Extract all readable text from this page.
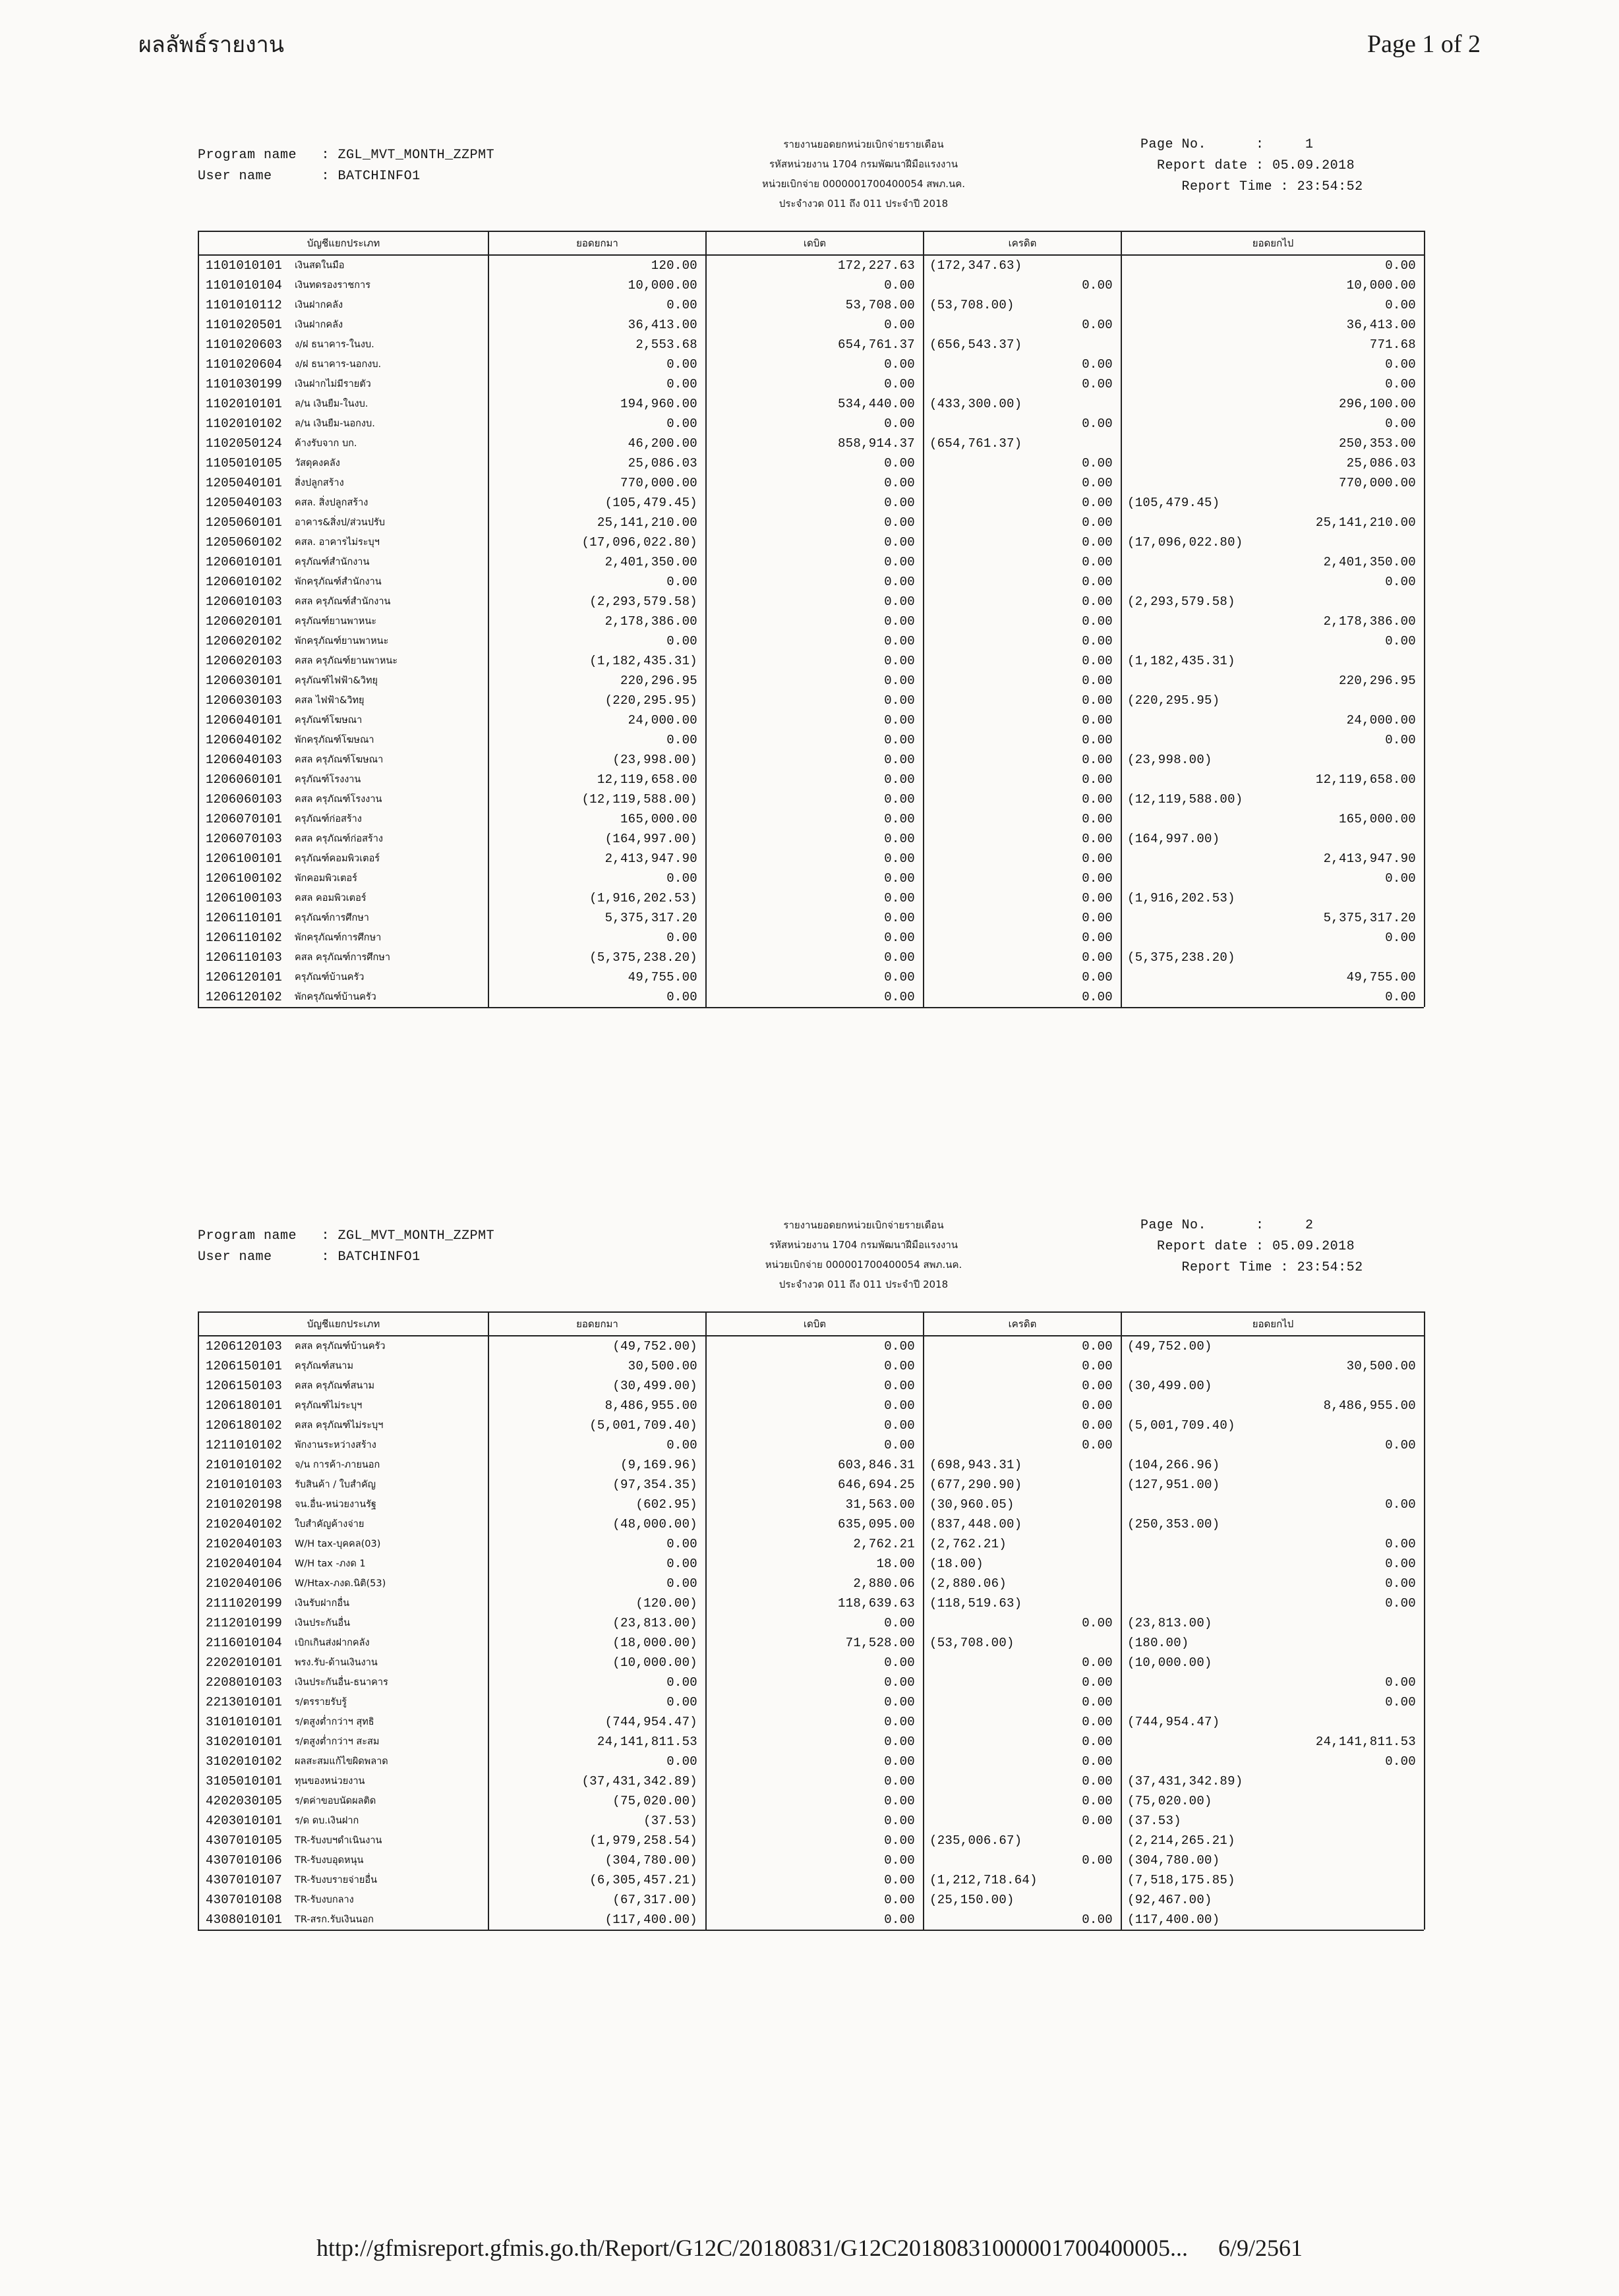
ผลลัพธ์รายงาน	Page 1 of 2
Program name   : ZGL_MVT_MONTH_ZZPMT
User name      : BATCHINFO1
รายงานยอดยกหน่วยเบิกจ่ายรายเดือน
รหัสหน่วยงาน 1704 กรมพัฒนาฝีมือแรงงาน
หน่วยเบิกจ่าย 0000001700400054 สพภ.นค.
ประจำงวด 011 ถึง 011 ประจำปี 2018
Page No.      :     1
Report date : 05.09.2018
Report Time : 23:54:52
บัญชีแยกประเภท		ยอดยกมา	เดบิต	เครดิต	ยอดยกไป
1101010101	เงินสดในมือ	120.00	172,227.63	(172,347.63)	0.00
1101010104	เงินทดรองราชการ	10,000.00	0.00	0.00	10,000.00
1101010112	เงินฝากคลัง	0.00	53,708.00	(53,708.00)	0.00
1101020501	เงินฝากคลัง	36,413.00	0.00	0.00	36,413.00
1101020603	ง/ฝ ธนาคาร-ในงบ.	2,553.68	654,761.37	(656,543.37)	771.68
1101020604	ง/ฝ ธนาคาร-นอกงบ.	0.00	0.00	0.00	0.00
1101030199	เงินฝากไม่มีรายตัว	0.00	0.00	0.00	0.00
1102010101	ล/น เงินยืม-ในงบ.	194,960.00	534,440.00	(433,300.00)	296,100.00
1102010102	ล/น เงินยืม-นอกงบ.	0.00	0.00	0.00	0.00
1102050124	ค้างรับจาก บก.	46,200.00	858,914.37	(654,761.37)	250,353.00
1105010105	วัสดุคงคลัง	25,086.03	0.00	0.00	25,086.03
1205040101	สิ่งปลูกสร้าง	770,000.00	0.00	0.00	770,000.00
1205040103	คสล. สิ่งปลูกสร้าง	(105,479.45)	0.00	0.00	(105,479.45)
1205060101	อาคาร&สิ่งป/ส่วนปรับ	25,141,210.00	0.00	0.00	25,141,210.00
1205060102	คสล. อาคารไม่ระบุฯ	(17,096,022.80)	0.00	0.00	(17,096,022.80)
1206010101	ครุภัณฑ์สำนักงาน	2,401,350.00	0.00	0.00	2,401,350.00
1206010102	พักครุภัณฑ์สำนักงาน	0.00	0.00	0.00	0.00
1206010103	คสล ครุภัณฑ์สำนักงาน	(2,293,579.58)	0.00	0.00	(2,293,579.58)
1206020101	ครุภัณฑ์ยานพาหนะ	2,178,386.00	0.00	0.00	2,178,386.00
1206020102	พักครุภัณฑ์ยานพาหนะ	0.00	0.00	0.00	0.00
1206020103	คสล ครุภัณฑ์ยานพาหนะ	(1,182,435.31)	0.00	0.00	(1,182,435.31)
1206030101	ครุภัณฑ์ไฟฟ้า&วิทยุ	220,296.95	0.00	0.00	220,296.95
1206030103	คสล ไฟฟ้า&วิทยุ	(220,295.95)	0.00	0.00	(220,295.95)
1206040101	ครุภัณฑ์โฆษณา	24,000.00	0.00	0.00	24,000.00
1206040102	พักครุภัณฑ์โฆษณา	0.00	0.00	0.00	0.00
1206040103	คสล ครุภัณฑ์โฆษณา	(23,998.00)	0.00	0.00	(23,998.00)
1206060101	ครุภัณฑ์โรงงาน	12,119,658.00	0.00	0.00	12,119,658.00
1206060103	คสล ครุภัณฑ์โรงงาน	(12,119,588.00)	0.00	0.00	(12,119,588.00)
1206070101	ครุภัณฑ์ก่อสร้าง	165,000.00	0.00	0.00	165,000.00
1206070103	คสล ครุภัณฑ์ก่อสร้าง	(164,997.00)	0.00	0.00	(164,997.00)
1206100101	ครุภัณฑ์คอมพิวเตอร์	2,413,947.90	0.00	0.00	2,413,947.90
1206100102	พักคอมพิวเตอร์	0.00	0.00	0.00	0.00
1206100103	คสล คอมพิวเตอร์	(1,916,202.53)	0.00	0.00	(1,916,202.53)
1206110101	ครุภัณฑ์การศึกษา	5,375,317.20	0.00	0.00	5,375,317.20
1206110102	พักครุภัณฑ์การศึกษา	0.00	0.00	0.00	0.00
1206110103	คสล ครุภัณฑ์การศึกษา	(5,375,238.20)	0.00	0.00	(5,375,238.20)
1206120101	ครุภัณฑ์บ้านครัว	49,755.00	0.00	0.00	49,755.00
1206120102	พักครุภัณฑ์บ้านครัว	0.00	0.00	0.00	0.00
Program name   : ZGL_MVT_MONTH_ZZPMT
User name      : BATCHINFO1
รายงานยอดยกหน่วยเบิกจ่ายรายเดือน
รหัสหน่วยงาน 1704 กรมพัฒนาฝีมือแรงงาน
หน่วยเบิกจ่าย 000001700400054 สพภ.นค.
ประจำงวด 011 ถึง 011 ประจำปี 2018
Page No.      :     2
Report date : 05.09.2018
Report Time : 23:54:52
บัญชีแยกประเภท		ยอดยกมา	เดบิต	เครดิต	ยอดยกไป
1206120103	คสล ครุภัณฑ์บ้านครัว	(49,752.00)	0.00	0.00	(49,752.00)
1206150101	ครุภัณฑ์สนาม	30,500.00	0.00	0.00	30,500.00
1206150103	คสล ครุภัณฑ์สนาม	(30,499.00)	0.00	0.00	(30,499.00)
1206180101	ครุภัณฑ์ไม่ระบุฯ	8,486,955.00	0.00	0.00	8,486,955.00
1206180102	คสล ครุภัณฑ์ไม่ระบุฯ	(5,001,709.40)	0.00	0.00	(5,001,709.40)
1211010102	พักงานระหว่างสร้าง	0.00	0.00	0.00	0.00
2101010102	จ/น การค้า-ภายนอก	(9,169.96)	603,846.31	(698,943.31)	(104,266.96)
2101010103	รับสินค้า / ใบสำคัญ	(97,354.35)	646,694.25	(677,290.90)	(127,951.00)
2101020198	จน.อื่น-หน่วยงานรัฐ	(602.95)	31,563.00	(30,960.05)	0.00
2102040102	ใบสำคัญค้างจ่าย	(48,000.00)	635,095.00	(837,448.00)	(250,353.00)
2102040103	W/H tax-บุคคล(03)	0.00	2,762.21	(2,762.21)	0.00
2102040104	W/H tax -ภงด 1	0.00	18.00	(18.00)	0.00
2102040106	W/Htax-ภงด.นิติ(53)	0.00	2,880.06	(2,880.06)	0.00
2111020199	เงินรับฝากอื่น	(120.00)	118,639.63	(118,519.63)	0.00
2112010199	เงินประกันอื่น	(23,813.00)	0.00	0.00	(23,813.00)
2116010104	เบิกเกินส่งฝากคลัง	(18,000.00)	71,528.00	(53,708.00)	(180.00)
2202010101	พรง.รับ-ด้านเงินงาน	(10,000.00)	0.00	0.00	(10,000.00)
2208010103	เงินประกันอื่น-ธนาคาร	0.00	0.00	0.00	0.00
2213010101	ร/ตรรายรับรู้	0.00	0.00	0.00	0.00
3101010101	ร/ตสูงต่ำกว่าฯ สุทธิ	(744,954.47)	0.00	0.00	(744,954.47)
3102010101	ร/ตสูงต่ำกว่าฯ สะสม	24,141,811.53	0.00	0.00	24,141,811.53
3102010102	ผลสะสมแก้ไขผิดพลาด	0.00	0.00	0.00	0.00
3105010101	ทุนของหน่วยงาน	(37,431,342.89)	0.00	0.00	(37,431,342.89)
4202030105	ร/ตค่าขอบนัดผลติด	(75,020.00)	0.00	0.00	(75,020.00)
4203010101	ร/ด ดบ.เงินฝาก	(37.53)	0.00	0.00	(37.53)
4307010105	TR-รับงบฯดำเนินงาน	(1,979,258.54)	0.00	(235,006.67)	(2,214,265.21)
4307010106	TR-รับงบอุดหนุน	(304,780.00)	0.00	0.00	(304,780.00)
4307010107	TR-รับงบรายจ่ายอื่น	(6,305,457.21)	0.00	(1,212,718.64)	(7,518,175.85)
4307010108	TR-รับงบกลาง	(67,317.00)	0.00	(25,150.00)	(92,467.00)
4308010101	TR-สรก.รับเงินนอก	(117,400.00)	0.00	0.00	(117,400.00)
http://gfmisreport.gfmis.go.th/Report/G12C/20180831/G12C20180831000001700400005... 6/9/2561
